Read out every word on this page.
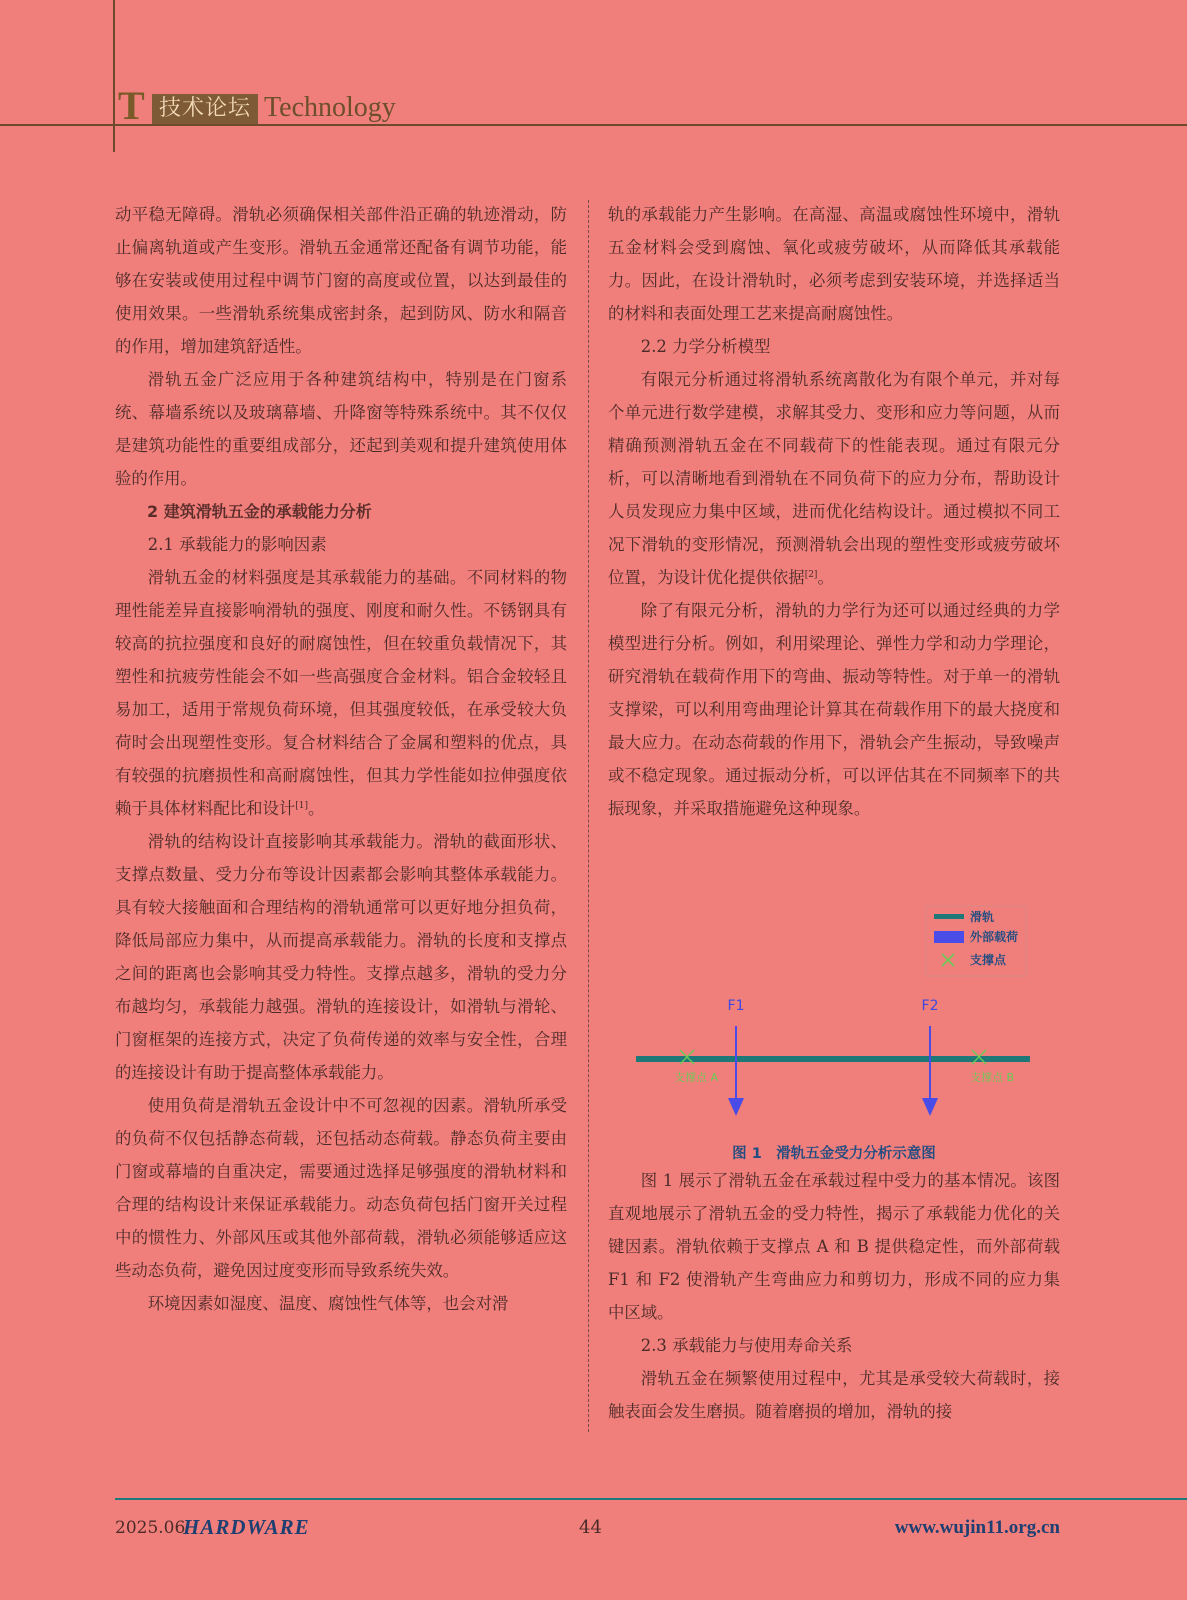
T 技术论坛 Technology

动平稳无障碍。滑轨必须确保相关部件沿正确的轨迹滑动，防止偏离轨道或产生变形。滑轨五金通常还配备有调节功能，能够在安装或使用过程中调节门窗的高度或位置，以达到最佳的使用效果。一些滑轨系统集成密封条，起到防风、防水和隔音的作用，增加建筑舒适性。

滑轨五金广泛应用于各种建筑结构中，特别是在门窗系统、幕墙系统以及玻璃幕墙、升降窗等特殊系统中。其不仅仅是建筑功能性的重要组成部分，还起到美观和提升建筑使用体验的作用。

2 建筑滑轨五金的承载能力分析

2.1 承载能力的影响因素

滑轨五金的材料强度是其承载能力的基础。不同材料的物理性能差异直接影响滑轨的强度、刚度和耐久性。不锈钢具有较高的抗拉强度和良好的耐腐蚀性，但在较重负载情况下，其塑性和抗疲劳性能会不如一些高强度合金材料。铝合金较轻且易加工，适用于常规负荷环境，但其强度较低，在承受较大负荷时会出现塑性变形。复合材料结合了金属和塑料的优点，具有较强的抗磨损性和高耐腐蚀性，但其力学性能如拉伸强度依赖于具体材料配比和设计[1]。

滑轨的结构设计直接影响其承载能力。滑轨的截面形状、支撑点数量、受力分布等设计因素都会影响其整体承载能力。具有较大接触面和合理结构的滑轨通常可以更好地分担负荷，降低局部应力集中，从而提高承载能力。滑轨的长度和支撑点之间的距离也会影响其受力特性。支撑点越多，滑轨的受力分布越均匀，承载能力越强。滑轨的连接设计，如滑轨与滑轮、门窗框架的连接方式，决定了负荷传递的效率与安全性，合理的连接设计有助于提高整体承载能力。

使用负荷是滑轨五金设计中不可忽视的因素。滑轨所承受的负荷不仅包括静态荷载，还包括动态荷载。静态负荷主要由门窗或幕墙的自重决定，需要通过选择足够强度的滑轨材料和合理的结构设计来保证承载能力。动态负荷包括门窗开关过程中的惯性力、外部风压或其他外部荷载，滑轨必须能够适应这些动态负荷，避免因过度变形而导致系统失效。

环境因素如湿度、温度、腐蚀性气体等，也会对滑

轨的承载能力产生影响。在高湿、高温或腐蚀性环境中，滑轨五金材料会受到腐蚀、氧化或疲劳破坏，从而降低其承载能力。因此，在设计滑轨时，必须考虑到安装环境，并选择适当的材料和表面处理工艺来提高耐腐蚀性。

2.2 力学分析模型

有限元分析通过将滑轨系统离散化为有限个单元，并对每个单元进行数学建模，求解其受力、变形和应力等问题，从而精确预测滑轨五金在不同载荷下的性能表现。通过有限元分析，可以清晰地看到滑轨在不同负荷下的应力分布，帮助设计人员发现应力集中区域，进而优化结构设计。通过模拟不同工况下滑轨的变形情况，预测滑轨会出现的塑性变形或疲劳破坏位置，为设计优化提供依据[2]。

除了有限元分析，滑轨的力学行为还可以通过经典的力学模型进行分析。例如，利用梁理论、弹性力学和动力学理论，研究滑轨在载荷作用下的弯曲、振动等特性。对于单一的滑轨支撑梁，可以利用弯曲理论计算其在荷载作用下的最大挠度和最大应力。在动态荷载的作用下，滑轨会产生振动，导致噪声或不稳定现象。通过振动分析，可以评估其在不同频率下的共振现象，并采取措施避免这种现象。

滑轨
外部载荷
支撑点
F1	F2
支撑点 A	支撑点 B
图 1　滑轨五金受力分析示意图

图 1 展示了滑轨五金在承载过程中受力的基本情况。该图直观地展示了滑轨五金的受力特性，揭示了承载能力优化的关键因素。滑轨依赖于支撑点 A 和 B 提供稳定性，而外部荷载 F1 和 F2 使滑轨产生弯曲应力和剪切力，形成不同的应力集中区域。

2.3 承载能力与使用寿命关系

滑轨五金在频繁使用过程中，尤其是承受较大荷载时，接触表面会发生磨损。随着磨损的增加，滑轨的接

2025.06
HARDWARE	44	www.wujin11.org.cn
